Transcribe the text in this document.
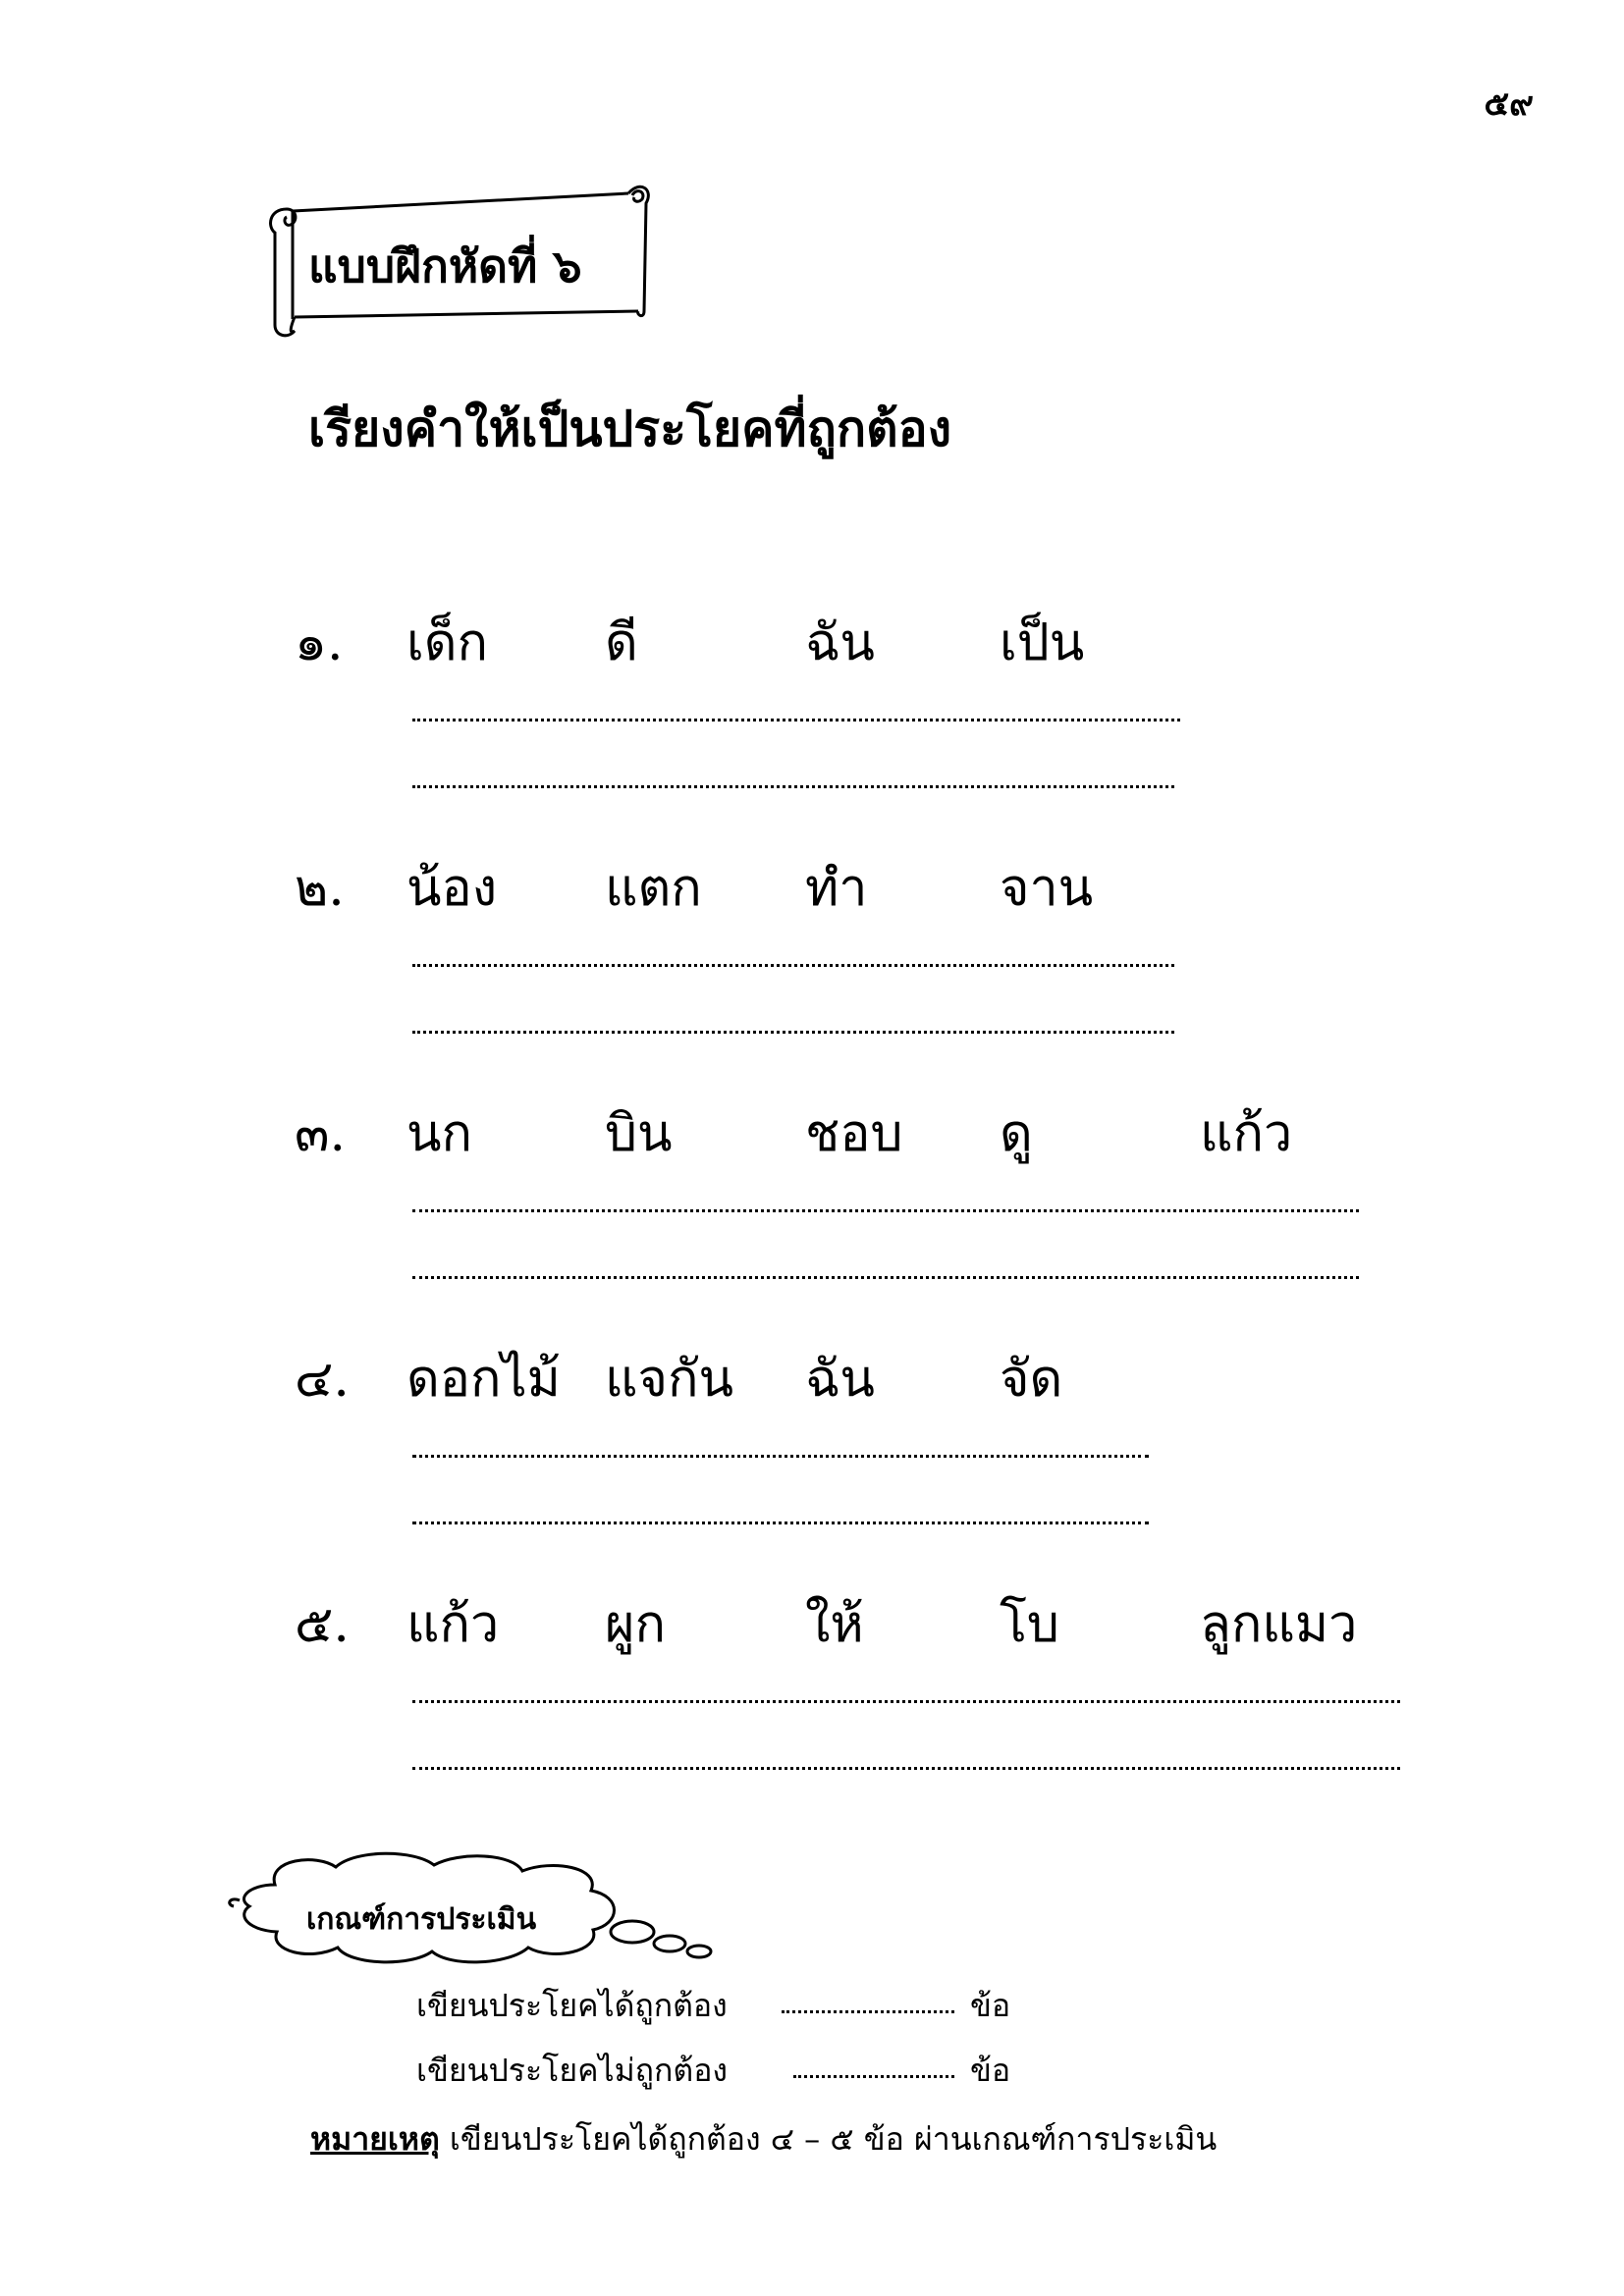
๕๙
แบบฝึกหัดที่ ๖
เรียงคำให้เป็นประโยคที่ถูกต้อง
๑. เด็ก ดี	ฉัน เป็น
๒. น้อง แตก ทำ	จาน
๓. นก	บิน	ชอบ ดู	แก้ว
๔. ดอกไม้ แจกัน ฉัน จัด
๕. แก้ว ผูก	ให้	โบ	ลูกแมว
เกณฑ์การประเมิน
เขียนประโยคได้ถูกต้อง	ข้อ
เขียนประโยคไม่ถูกต้อง	ข้อ
หมายเหตุ เขียนประโยคได้ถูกต้อง ๔ – ๕ ข้อ ผ่านเกณฑ์การประเมิน
